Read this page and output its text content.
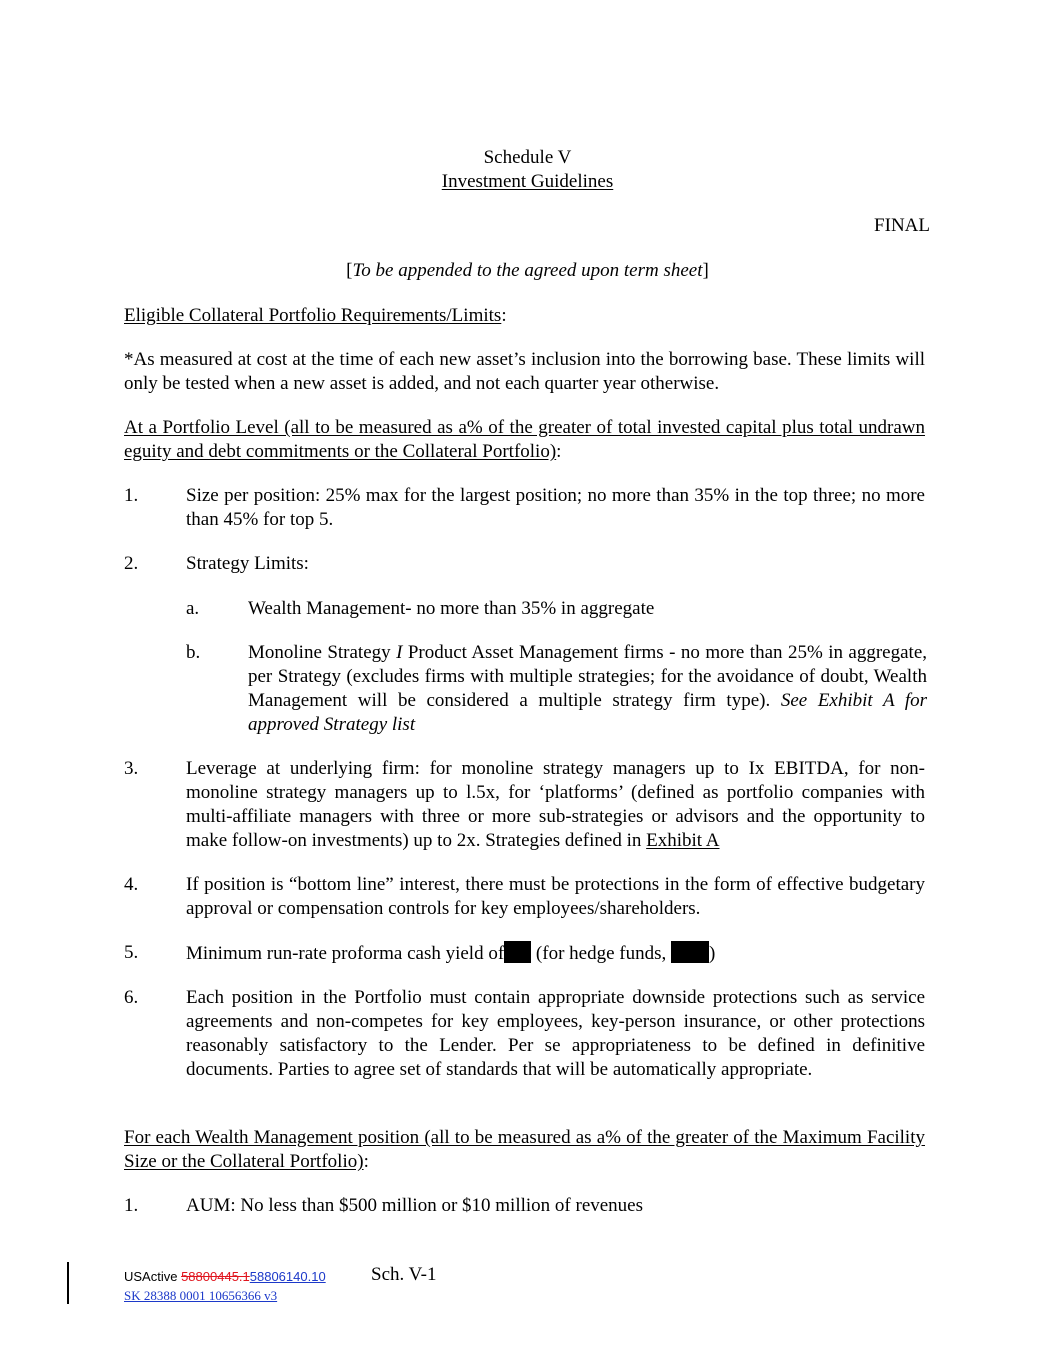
Schedule V
Investment Guidelines
FINAL
[To be appended to the agreed upon term sheet]
Eligible Collateral Portfolio Requirements/Limits:
*As measured at cost at the time of each new asset’s inclusion into the borrowing base. These limits will only be tested when a new asset is added, and not each quarter year otherwise.
At a Portfolio Level (all to be measured as a% of the greater of total invested capital plus total undrawn eguity and debt commitments or the Collateral Portfolio):
1.	Size per position: 25% max for the largest position; no more than 35% in the top three; no more than 45% for top 5.
2.	Strategy Limits:
a.	Wealth Management- no more than 35% in aggregate
b.	Monoline Strategy I Product Asset Management firms - no more than 25% in aggregate, per Strategy (excludes firms with multiple strategies; for the avoidance of doubt, Wealth Management will be considered a multiple strategy firm type). See Exhibit A for approved Strategy list
3.	Leverage at underlying firm: for monoline strategy managers up to Ix EBITDA, for non-monoline strategy managers up to l.5x, for ‘platforms’ (defined as portfolio companies with multi-affiliate managers with three or more sub-strategies or advisors and the opportunity to make follow-on investments) up to 2x. Strategies defined in Exhibit A
4.	If position is “bottom line” interest, there must be protections in the form of effective budgetary approval or compensation controls for key employees/shareholders.
5.	Minimum run-rate proforma cash yield of (for hedge funds, )
6.	Each position in the Portfolio must contain appropriate downside protections such as service agreements and non-competes for key employees, key-person insurance, or other protections reasonably satisfactory to the Lender. Per se appropriateness to be defined in definitive documents. Parties to agree set of standards that will be automatically appropriate.
For each Wealth Management position (all to be measured as a% of the greater of the Maximum Facility Size or the Collateral Portfolio):
1.	AUM: No less than $500 million or $10 million of revenues
USActive 58800445.158806140.10 Sch. V-1
SK 28388 0001 10656366 v3
